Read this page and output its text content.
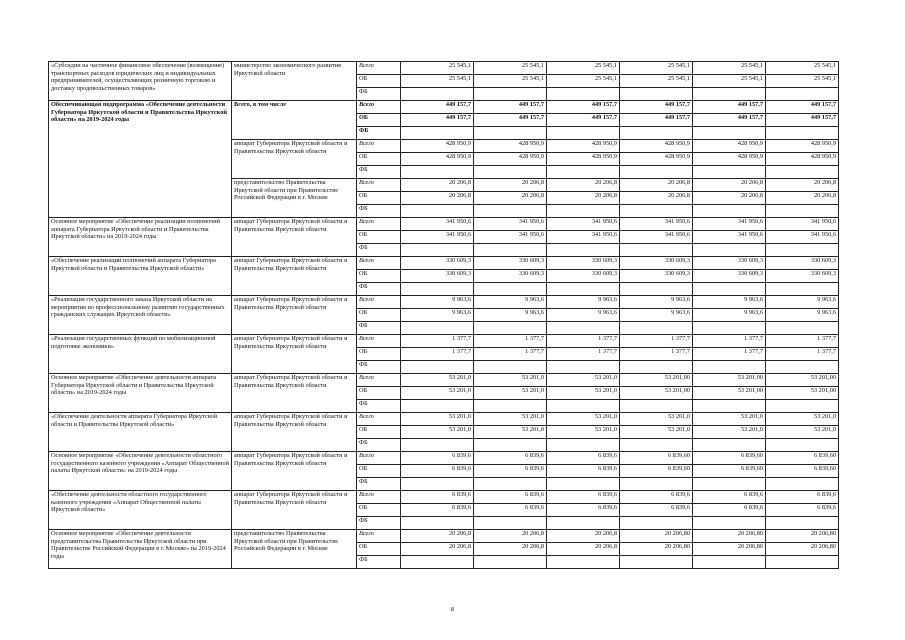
«Субсидии на частичное финансовое обеспечение (возмещение) транспортных расходов юридических лиц и индивидуальных предпринимателей, осуществляющих розничную торговлю и доставку продовольственных товаров»	министерство экономического развития Иркутской области	Всего	25 545,1	25 545,1	25 545,1	25 545,1	25 545,1	25 545,1
		ОБ	25 545,1	25 545,1	25 545,1	25 545,1	25 545,1	25 545,1
		ФБ						
Обеспечивающая подпрограмма «Обеспечение деятельности Губернатора Иркутской области и Правительства Иркутской области» на 2019-2024 годы	Всего, в том числе	Всего	449 157,7	449 157,7	449 157,7	449 157,7	449 157,7	449 157,7
		ОБ	449 157,7	449 157,7	449 157,7	449 157,7	449 157,7	449 157,7
		ФБ						
	аппарат Губернатора Иркутской области и Правительства Иркутской области	Всего	428 950,9	428 950,9	428 950,9	428 950,9	428 950,9	428 950,9
		ОБ	428 950,9	428 950,9	428 950,9	428 950,9	428 950,9	428 950,9
		ФБ						
	представительство Правительства Иркутской области при Правительстве Российской Федерации в г. Москве	Всего	20 206,8	20 206,8	20 206,8	20 206,8	20 206,8	20 206,8
		ОБ	20 206,8	20 206,8	20 206,8	20 206,8	20 206,8	20 206,8
		ФБ						
Основное мероприятие «Обеспечение реализации полномочий аппарата Губернатора Иркутской области и Правительства Иркутской области» на 2019-2024 годы	аппарат Губернатора Иркутской области и Правительства Иркутской области	Всего	341 950,6	341 950,6	341 950,6	341 950,6	341 950,6	341 950,6
		ОБ	341 950,6	341 950,6	341 950,6	341 950,6	341 950,6	341 950,6
		ФБ						
«Обеспечение реализации полномочий аппарата Губернатора Иркутской области и Правительства Иркутской области»	аппарат Губернатора Иркутской области и Правительства Иркутской области	Всего	330 609,3	330 609,3	330 609,3	330 609,3	330 609,3	330 609,3
		ОБ	330 609,3	330 609,3	330 609,3	330 609,3	330 609,3	330 609,3
		ФБ						
«Реализация государственного заказа Иркутской области на мероприятия по профессиональному развитию государственных гражданских служащих Иркутской области»	аппарат Губернатора Иркутской области и Правительства Иркутской области	Всего	9 963,6	9 963,6	9 963,6	9 963,6	9 963,6	9 963,6
		ОБ	9 963,6	9 963,6	9 963,6	9 963,6	9 963,6	9 963,6
		ФБ						
«Реализация государственных функций по мобилизационной подготовке экономики»	аппарат Губернатора Иркутской области и Правительства Иркутской области	Всего	1 377,7	1 377,7	1 377,7	1 377,7	1 377,7	1 377,7
		ОБ	1 377,7	1 377,7	1 377,7	1 377,7	1 377,7	1 377,7
		ФБ						
Основное мероприятие «Обеспечение деятельности аппарата Губернатора Иркутской области и Правительства Иркутской области» на 2019-2024 годы	аппарат Губернатора Иркутской области и Правительства Иркутской области	Всего	53 201,0	53 201,0	53 201,0	53 201,00	53 201,00	53 201,00
		ОБ	53 201,0	53 201,0	53 201,0	53 201,00	53 201,00	53 201,00
		ФБ						
«Обеспечение деятельности аппарата Губернатора Иркутской области и Правительства Иркутской области»	аппарат Губернатора Иркутской области и Правительства Иркутской области	Всего	53 201,0	53 201,0	53 201,0	53 201,0	53 201,0	53 201,0
		ОБ	53 201,0	53 201,0	53 201,0	53 201,0	53 201,0	53 201,0
		ФБ						
Основное мероприятие «Обеспечение деятельности областного государственного казенного учреждения «Аппарат Общественной палаты Иркутской области» на 2019-2024 годы	аппарат Губернатора Иркутской области и Правительства Иркутской области	Всего	6 839,6	6 839,6	6 839,6	6 839,60	6 839,60	6 839,60
		ОБ	6 839,6	6 839,6	6 839,6	6 839,60	6 839,60	6 839,60
		ФБ						
«Обеспечение деятельности областного государственного казенного учреждения «Аппарат Общественной палаты Иркутской области»	аппарат Губернатора Иркутской области и Правительства Иркутской области	Всего	6 839,6	6 839,6	6 839,6	6 839,6	6 839,6	6 839,6
		ОБ	6 839,6	6 839,6	6 839,6	6 839,6	6 839,6	6 839,6
		ФБ						
Основное мероприятие «Обеспечение деятельности представительства Правительства Иркутской области при Правительстве Российской Федерации в г. Москве» на 2019-2024 годы	представительство Правительства Иркутской области при Правительстве Российской Федерации в г. Москве	Всего	20 206,8	20 206,8	20 206,8	20 206,80	20 206,80	20 206,80
		ОБ	20 206,8	20 206,8	20 206,8	20 206,80	20 206,80	20 206,80
		ФБ						
8
